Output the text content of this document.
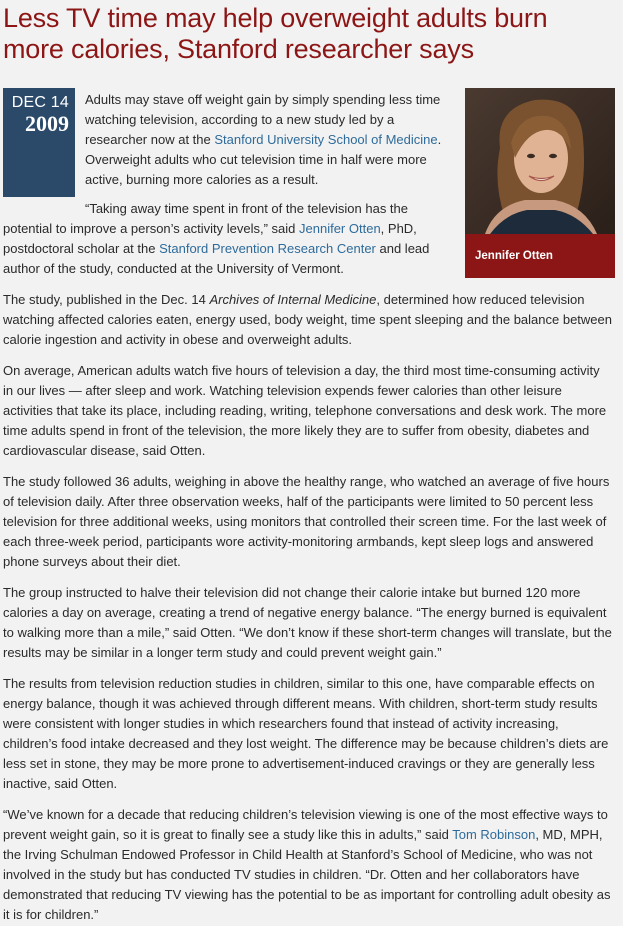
Less TV time may help overweight adults burn more calories, Stanford researcher says
DEC 14
2009
Jennifer Otten

Adults may stave off weight gain by simply spending less time watching television, according to a new study led by a researcher now at the Stanford University School of Medicine. Overweight adults who cut television time in half were more active, burning more calories as a result.

“Taking away time spent in front of the television has the potential to improve a person’s activity levels,” said Jennifer Otten, PhD, postdoctoral scholar at the Stanford Prevention Research Center and lead author of the study, conducted at the University of Vermont.

The study, published in the Dec. 14 Archives of Internal Medicine, determined how reduced television watching affected calories eaten, energy used, body weight, time spent sleeping and the balance between calorie ingestion and activity in obese and overweight adults.

On average, American adults watch five hours of television a day, the third most time-consuming activity in our lives — after sleep and work. Watching television expends fewer calories than other leisure activities that take its place, including reading, writing, telephone conversations and desk work. The more time adults spend in front of the television, the more likely they are to suffer from obesity, diabetes and cardiovascular disease, said Otten.

The study followed 36 adults, weighing in above the healthy range, who watched an average of five hours of television daily. After three observation weeks, half of the participants were limited to 50 percent less television for three additional weeks, using monitors that controlled their screen time. For the last week of each three-week period, participants wore activity-monitoring armbands, kept sleep logs and answered phone surveys about their diet.

The group instructed to halve their television did not change their calorie intake but burned 120 more calories a day on average, creating a trend of negative energy balance. “The energy burned is equivalent to walking more than a mile,” said Otten. “We don’t know if these short-term changes will translate, but the results may be similar in a longer term study and could prevent weight gain.”

The results from television reduction studies in children, similar to this one, have comparable effects on energy balance, though it was achieved through different means. With children, short-term study results were consistent with longer studies in which researchers found that instead of activity increasing, children’s food intake decreased and they lost weight. The difference may be because children’s diets are less set in stone, they may be more prone to advertisement-induced cravings or they are generally less inactive, said Otten.

“We’ve known for a decade that reducing children’s television viewing is one of the most effective ways to prevent weight gain, so it is great to finally see a study like this in adults,” said Tom Robinson, MD, MPH, the Irving Schulman Endowed Professor in Child Health at Stanford’s School of Medicine, who was not involved in the study but has conducted TV studies in children. “Dr. Otten and her collaborators have demonstrated that reducing TV viewing has the potential to be as important for controlling adult obesity as it is for children.”
